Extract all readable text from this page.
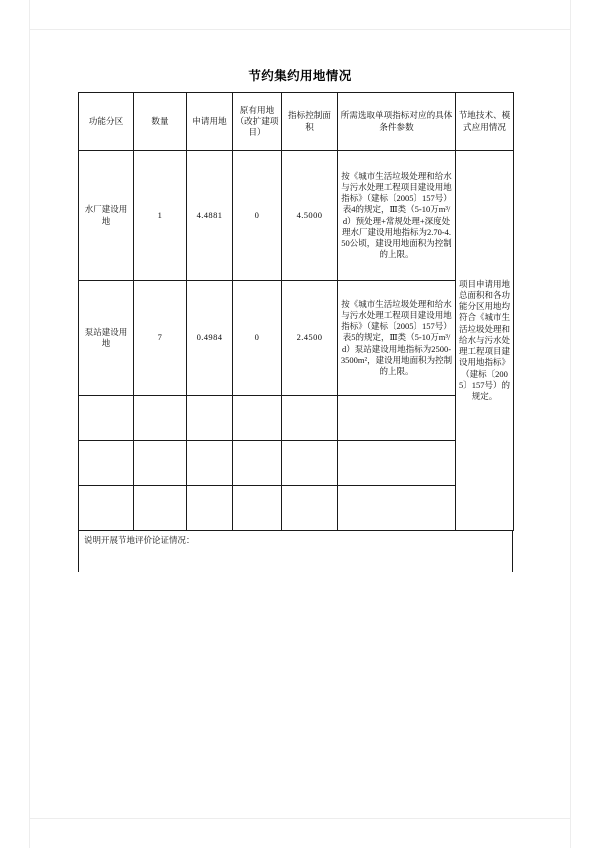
节约集约用地情况
功能分区	数量	申请用地	原有用地（改扩建项目）	指标控制面积	所需选取单项指标对应的具体条件参数	节地技术、模式应用情况
水厂建设用地	1	4.4881	0	4.5000	按《城市生活垃圾处理和给水与污水处理工程项目建设用地指标》（建标〔2005〕157号）表4的规定，Ⅲ类（5-10万m³/d）预处理+常规处理+深度处理水厂建设用地指标为2.70-4.50公顷，建设用地面积为控制的上限。	项目申请用地总面积和各功能分区用地均符合《城市生活垃圾处理和给水与污水处理工程项目建设用地指标》（建标〔2005〕157号）的规定。
泵站建设用地	7	0.4984	0	2.4500	按《城市生活垃圾处理和给水与污水处理工程项目建设用地指标》（建标〔2005〕157号）表5的规定，Ⅲ类（5-10万m³/d）泵站建设用地指标为2500-3500m²，建设用地面积为控制的上限。	

说明开展节地评价论证情况：
